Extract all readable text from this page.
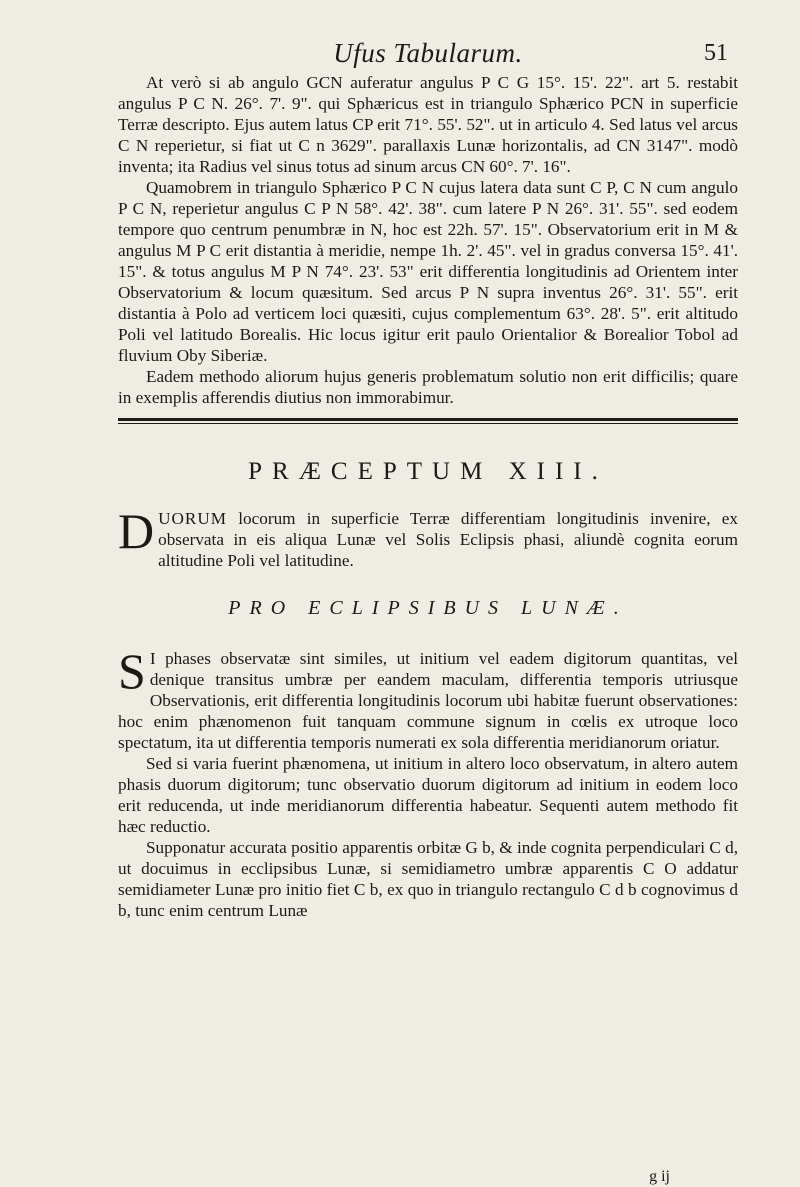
Ufus Tabularum.	51

At verò si ab angulo GCN auferatur angulus P C G 15°. 15'. 22". art 5. restabit angulus P C N. 26°. 7'. 9". qui Sphæricus est in triangulo Sphærico PCN in superficie Terræ descripto. Ejus autem latus CP erit 71°. 55'. 52". ut in articulo 4. Sed latus vel arcus C N reperietur, si fiat ut C n 3629". parallaxis Lunæ horizontalis, ad CN 3147". modò inventa; ita Radius vel sinus totus ad sinum arcus CN 60°. 7'. 16".

Quamobrem in triangulo Sphærico P C N cujus latera data sunt C P, C N cum angulo P C N, reperietur angulus C P N 58°. 42'. 38". cum latere P N 26°. 31'. 55". sed eodem tempore quo centrum penumbræ in N, hoc est 22h. 57'. 15". Observatorium erit in M & angulus M P C erit distantia à meridie, nempe 1h. 2'. 45". vel in gradus conversa 15°. 41'. 15". & totus angulus M P N 74°. 23'. 53" erit differentia longitudinis ad Orientem inter Observatorium & locum quæsitum. Sed arcus P N supra inventus 26°. 31'. 55". erit distantia à Polo ad verticem loci quæsiti, cujus complementum 63°. 28'. 5". erit altitudo Poli vel latitudo Borealis. Hic locus igitur erit paulo Orientalior & Borealior Tobol ad fluvium Oby Siberiæ.

Eadem methodo aliorum hujus generis problematum solutio non erit difficilis; quare in exemplis afferendis diutius non immorabimur.

PRÆCEPTUM XIII.

DUORUM locorum in superficie Terræ differentiam longitudinis invenire, ex observata in eis aliqua Lunæ vel Solis Eclipsis phasi, aliundè cognita eorum altitudine Poli vel latitudine.

PRO ECLIPSIBUS LUNÆ.

S I phases observatæ sint similes, ut initium vel eadem digitorum quantitas, vel denique transitus umbræ per eandem maculam, differentia temporis utriusque Observationis, erit differentia longitudinis locorum ubi habitæ fuerunt observationes: hoc enim phænomenon fuit tanquam commune signum in cœlis ex utroque loco spectatum, ita ut differentia temporis numerati ex sola differentia meridianorum oriatur.

Sed si varia fuerint phænomena, ut initium in altero loco observatum, in altero autem phasis duorum digitorum; tunc observatio duorum digitorum ad initium in eodem loco erit reducenda, ut inde meridianorum differentia habeatur. Sequenti autem methodo fit hæc reductio.

Supponatur accurata positio apparentis orbitæ G b, & inde cognita perpendiculari C d, ut docuimus in ecclipsibus Lunæ, si semidiametro umbræ apparentis C O addatur semidiameter Lunæ pro initio fiet C b, ex quo in triangulo rectangulo C d b cognovimus d b, tunc enim centrum Lunæ

g ij
